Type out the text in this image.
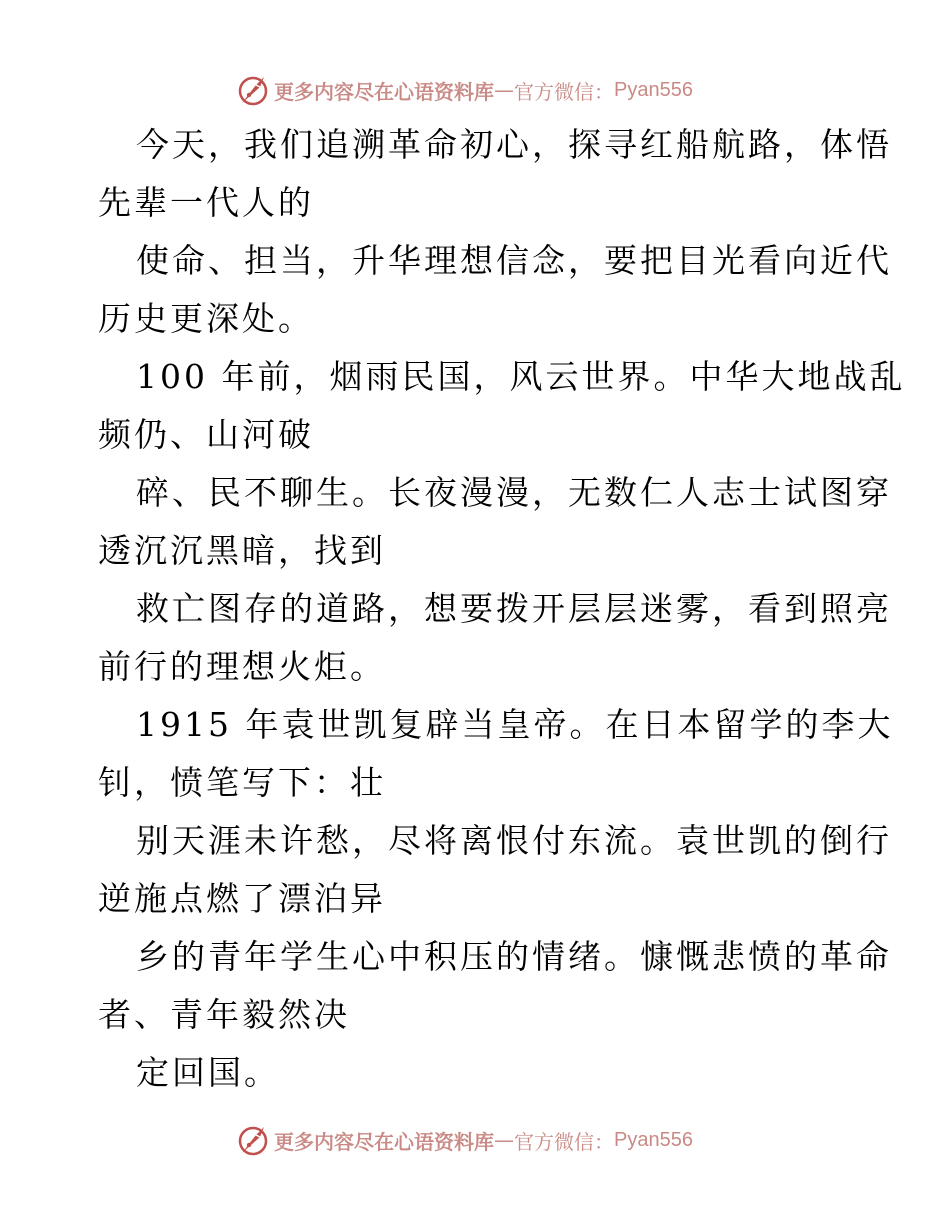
更多内容尽在心语资料库 — 官方微信： Pyan556

今天，我们追溯革命初心，探寻红船航路，体悟

先辈一代人的

使命、担当，升华理想信念，要把目光看向近代

历史更深处。

100 年前，烟雨民国，风云世界。中华大地战乱

频仍、山河破

碎、民不聊生。长夜漫漫，无数仁人志士试图穿

透沉沉黑暗，找到

救亡图存的道路，想要拨开层层迷雾，看到照亮

前行的理想火炬。

1915 年袁世凯复辟当皇帝。在日本留学的李大

钊，愤笔写下：壮

别天涯未许愁，尽将离恨付东流。袁世凯的倒行

逆施点燃了漂泊异

乡的青年学生心中积压的情绪。慷慨悲愤的革命

者、青年毅然决

定回国。

更多内容尽在心语资料库 — 官方微信： Pyan556
